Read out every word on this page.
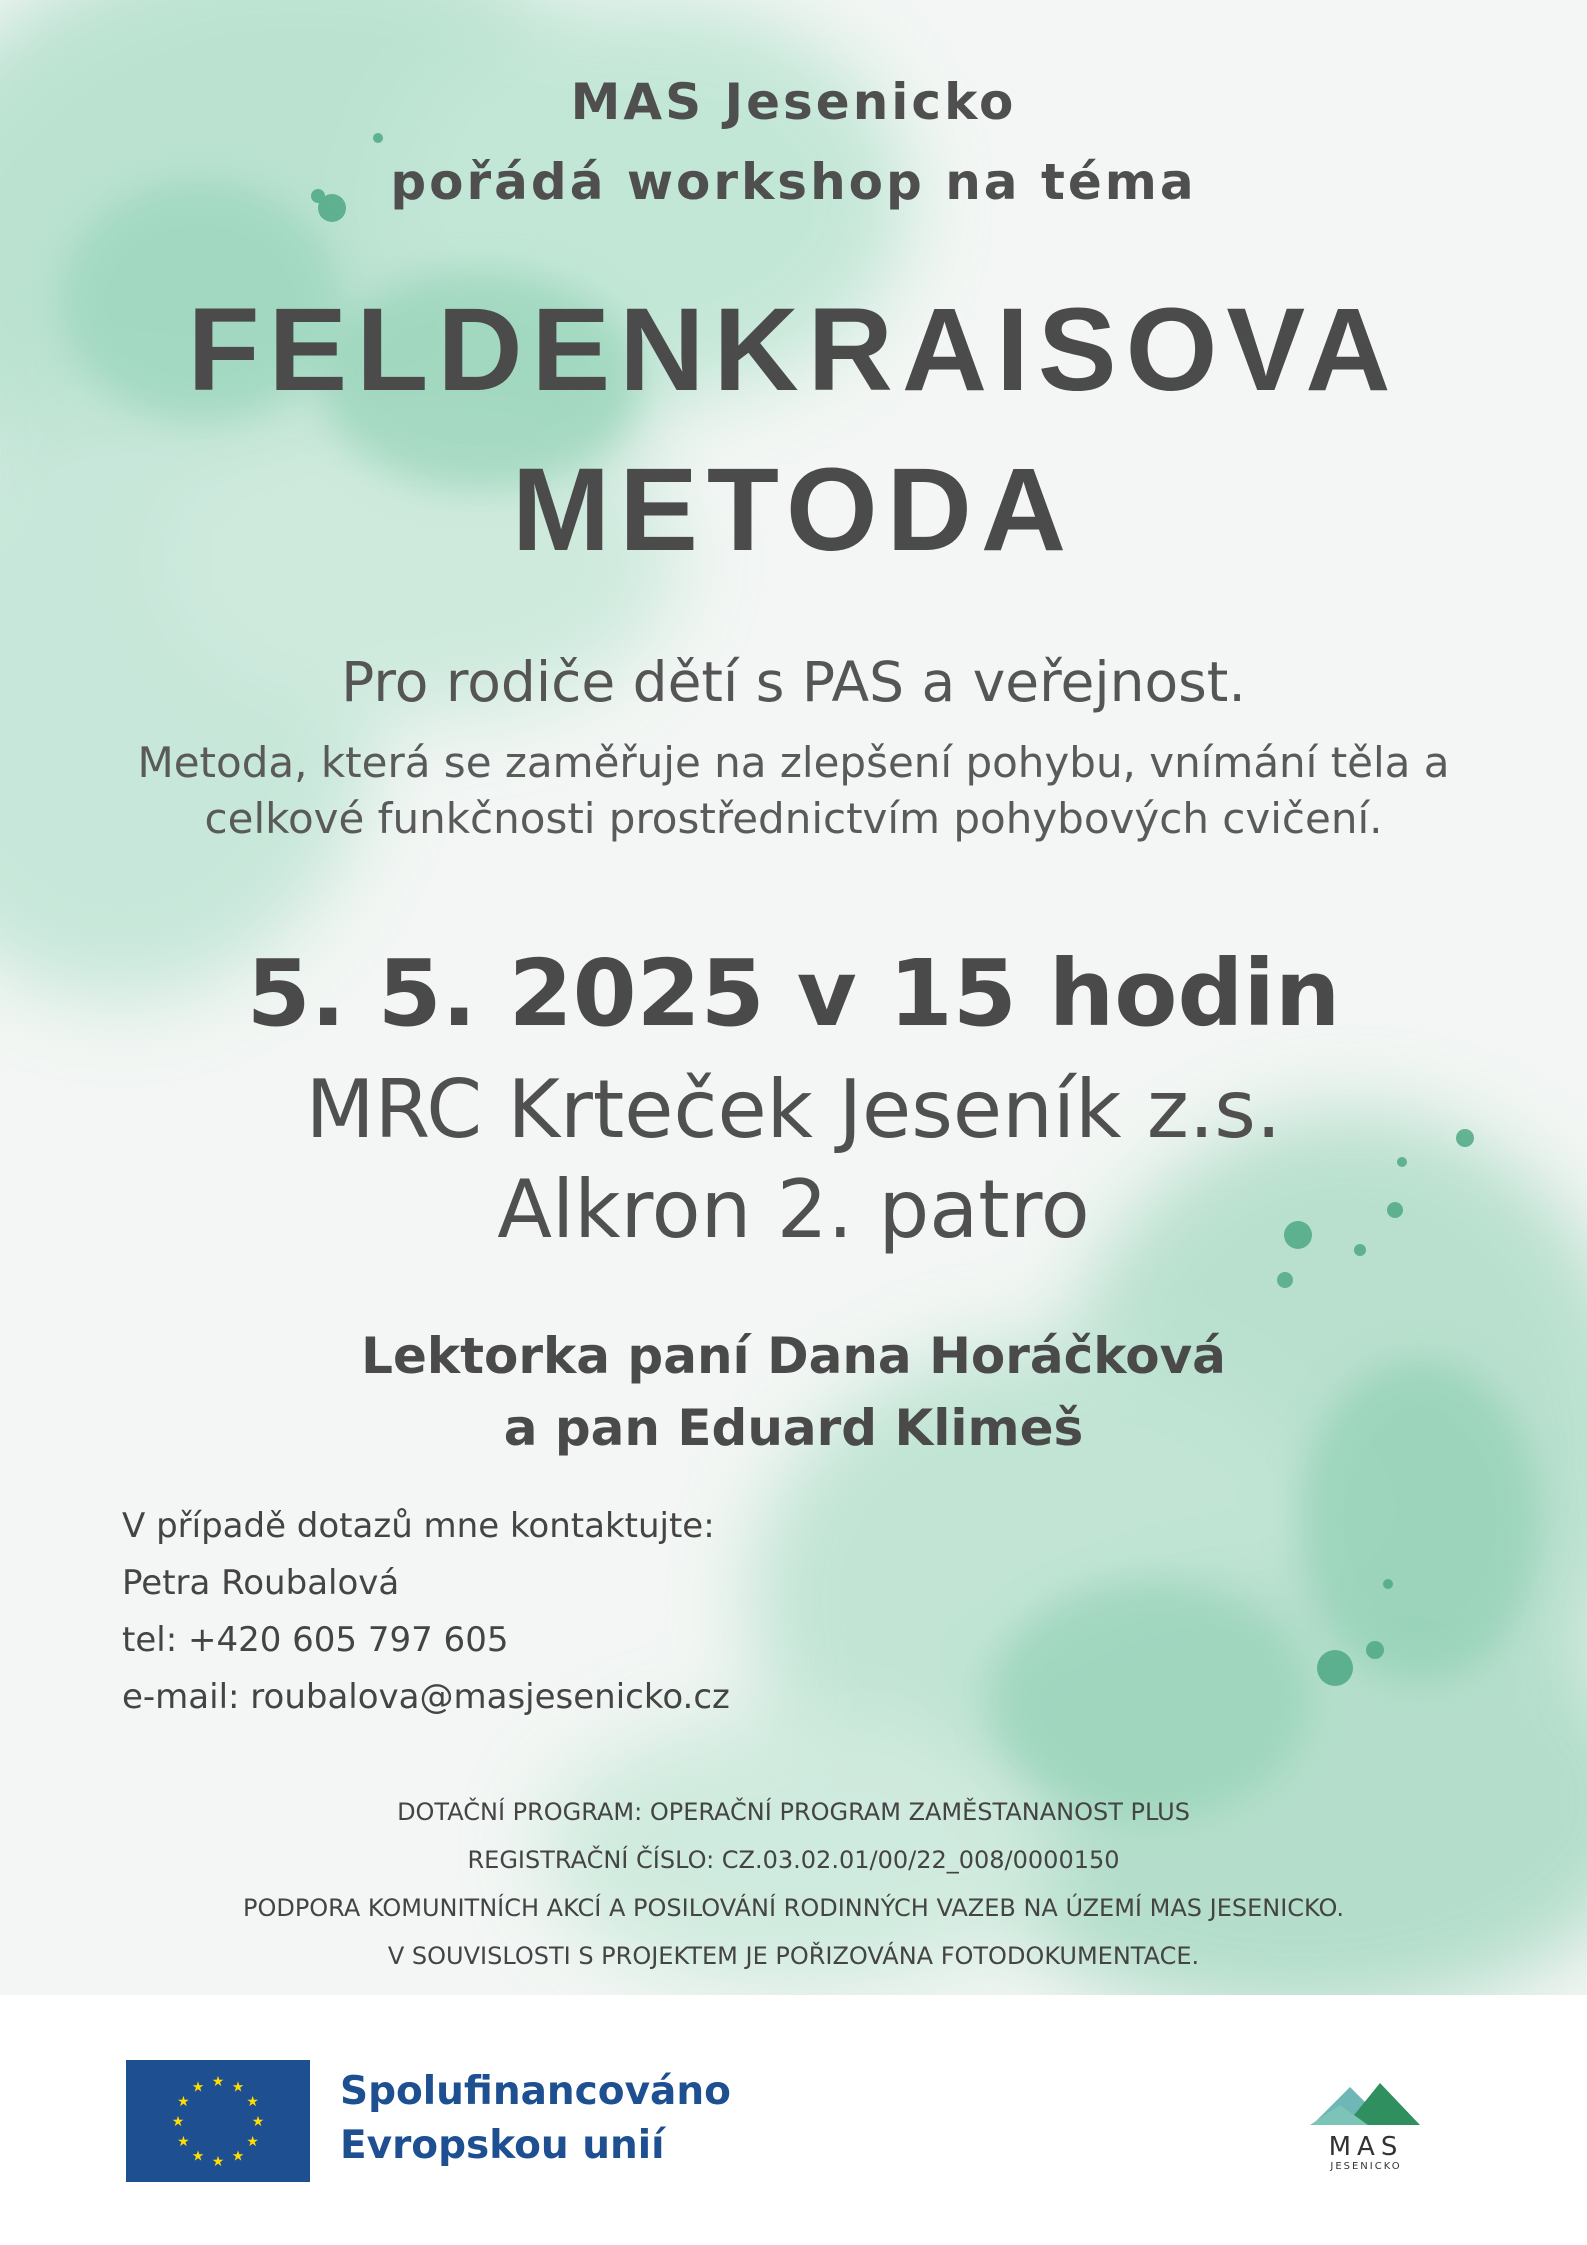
MAS Jesenicko
pořádá workshop na téma
FELDENKRAISOVA
METODA
Pro rodiče dětí s PAS a veřejnost.
Metoda, která se zaměřuje na zlepšení pohybu, vnímání těla a
celkové funkčnosti prostřednictvím pohybových cvičení.
5. 5. 2025 v 15 hodin
MRC Krteček Jeseník z.s.
Alkron 2. patro
Lektorka paní Dana Horáčková
a pan Eduard Klimeš
V případě dotazů mne kontaktujte:
Petra Roubalová
tel: +420 605 797 605
e-mail: roubalova@masjesenicko.cz
DOTAČNÍ PROGRAM: OPERAČNÍ PROGRAM ZAMĚSTANANOST PLUS
REGISTRAČNÍ ČÍSLO: CZ.03.02.01/00/22_008/0000150
PODPORA KOMUNITNÍCH AKCÍ A POSILOVÁNÍ RODINNÝCH VAZEB NA ÚZEMÍ MAS JESENICKO.
V SOUVISLOSTI S PROJEKTEM JE POŘIZOVÁNA FOTODOKUMENTACE.
★ ★
★
★
★
★
★
★
★
★
★
★	Spolufinancováno
Evropskou unií	MAS
JESENICKO
